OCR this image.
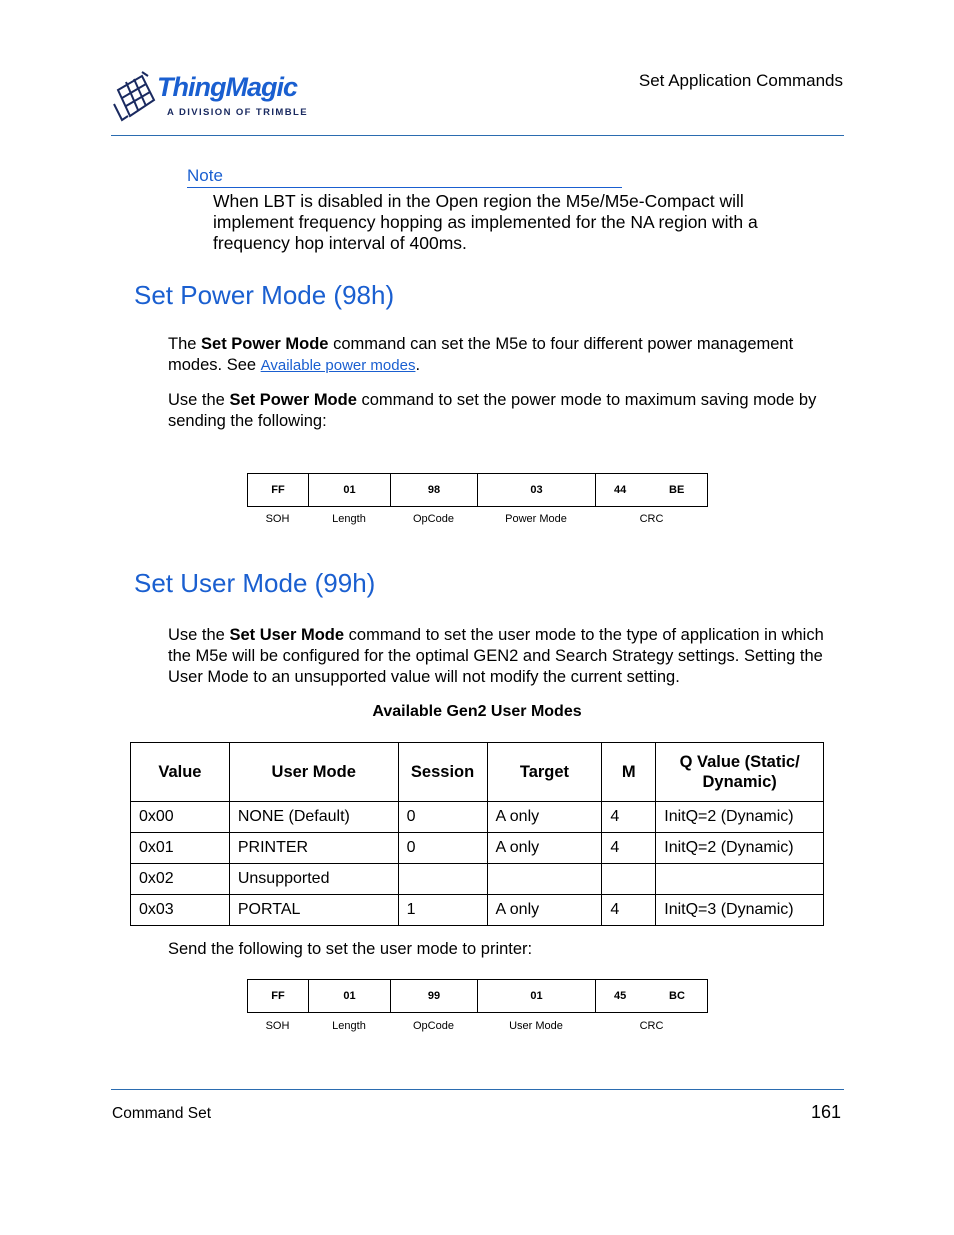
ThingMagic
A DIVISION OF TRIMBLE
Set Application Commands
Note
When LBT is disabled in the Open region the M5e/M5e-Compact will implement frequency hopping as implemented for the NA region with a frequency hop interval of 400ms.
Set Power Mode (98h)
The Set Power Mode command can set the M5e to four different power management modes. See Available power modes.
Use the Set Power Mode command to set the power mode to maximum saving mode by sending the following:
FF	01	98	03	44	BE
SOH	Length	OpCode	Power Mode	CRC
Set User Mode (99h)
Use the Set User Mode command to set the user mode to the type of application in which the M5e will be configured for the optimal GEN2 and Search Strategy settings. Setting the User Mode to an unsupported value will not modify the current setting.
Available Gen2 User Modes
Value	User Mode	Session	Target	M	Q Value (Static/ Dynamic)
0x00	NONE (Default)	0	A only	4	InitQ=2 (Dynamic)
0x01	PRINTER	0	A only	4	InitQ=2 (Dynamic)
0x02	Unsupported				
0x03	PORTAL	1	A only	4	InitQ=3 (Dynamic)
Send the following to set the user mode to printer:
FF	01	99	01	45	BC
SOH	Length	OpCode	User Mode	CRC
Command Set	161
